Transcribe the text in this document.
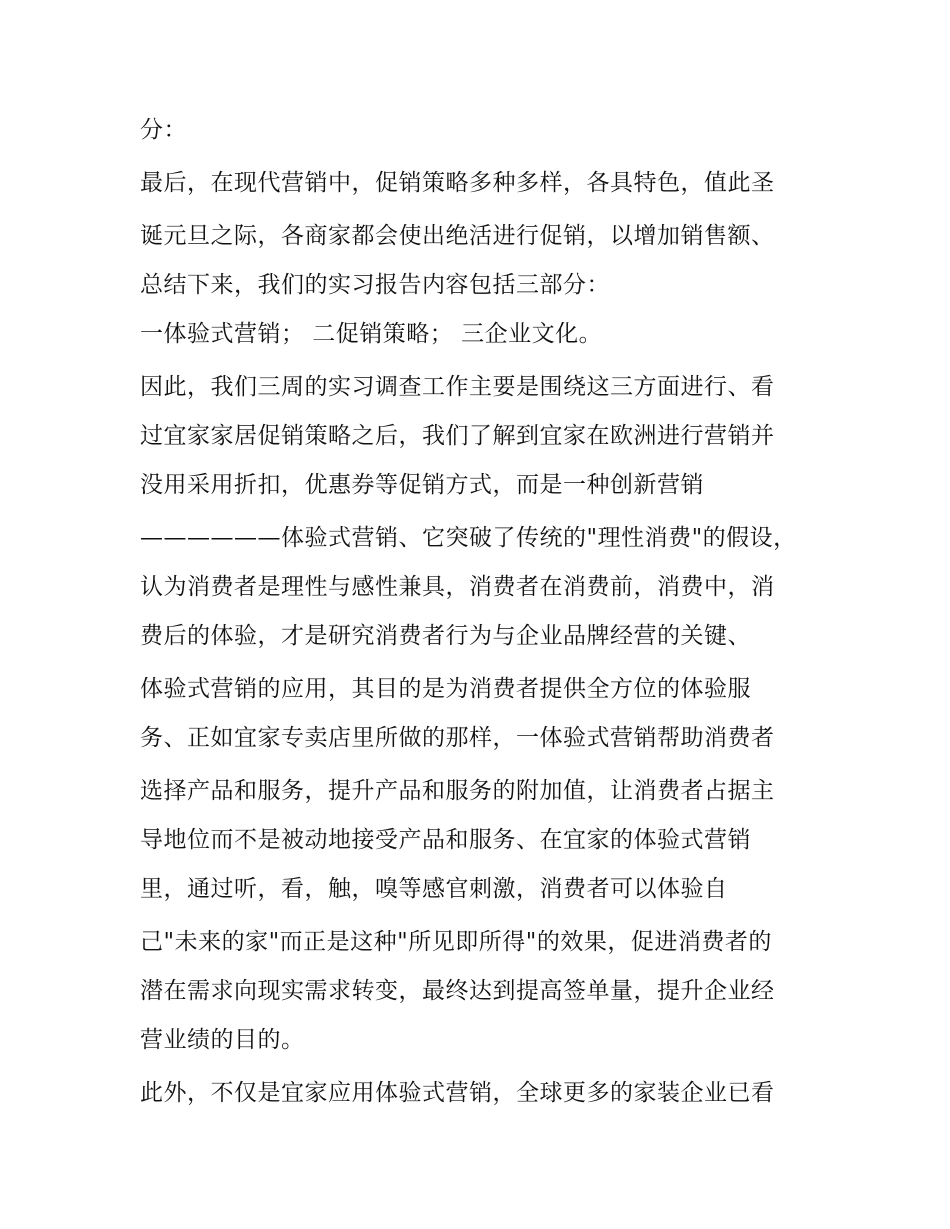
分：
最后，在现代营销中，促销策略多种多样，各具特色，值此圣
诞元旦之际，各商家都会使出绝活进行促销，以增加销售额、
总结下来，我们的实习报告内容包括三部分：
一体验式营销； 二促销策略； 三企业文化。
因此，我们三周的实习调查工作主要是围绕这三方面进行、看
过宜家家居促销策略之后，我们了解到宜家在欧洲进行营销并
没用采用折扣，优惠券等促销方式，而是一种创新营销
——————体验式营销、它突破了传统的"理性消费"的假设，
认为消费者是理性与感性兼具，消费者在消费前，消费中，消
费后的体验，才是研究消费者行为与企业品牌经营的关键、
体验式营销的应用，其目的是为消费者提供全方位的体验服
务、正如宜家专卖店里所做的那样，一体验式营销帮助消费者
选择产品和服务，提升产品和服务的附加值，让消费者占据主
导地位而不是被动地接受产品和服务、在宜家的体验式营销
里，通过听，看，触，嗅等感官刺激，消费者可以体验自
己"未来的家"而正是这种"所见即所得"的效果，促进消费者的
潜在需求向现实需求转变，最终达到提高签单量，提升企业经
营业绩的目的。
此外，不仅是宜家应用体验式营销，全球更多的家装企业已看
